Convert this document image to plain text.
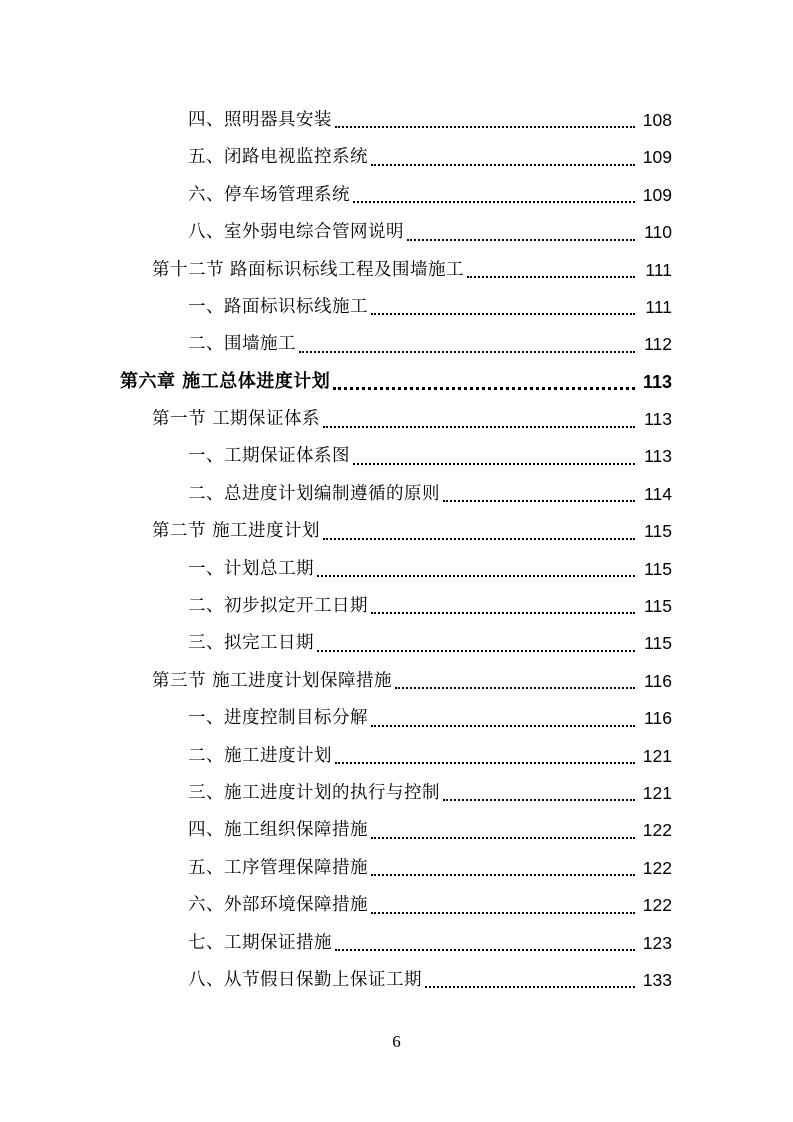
四、照明器具安装	108
五、闭路电视监控系统	109
六、停车场管理系统	109
八、室外弱电综合管网说明	110
第十二节 路面标识标线工程及围墙施工	111
一、路面标识标线施工	111
二、围墙施工	112
第六章 施工总体进度计划	113
第一节 工期保证体系	113
一、工期保证体系图	113
二、总进度计划编制遵循的原则	114
第二节 施工进度计划	115
一、计划总工期	115
二、初步拟定开工日期	115
三、拟完工日期	115
第三节 施工进度计划保障措施	116
一、进度控制目标分解	116
二、施工进度计划	121
三、施工进度计划的执行与控制	121
四、施工组织保障措施	122
五、工序管理保障措施	122
六、外部环境保障措施	122
七、工期保证措施	123
八、从节假日保勤上保证工期	133
6
